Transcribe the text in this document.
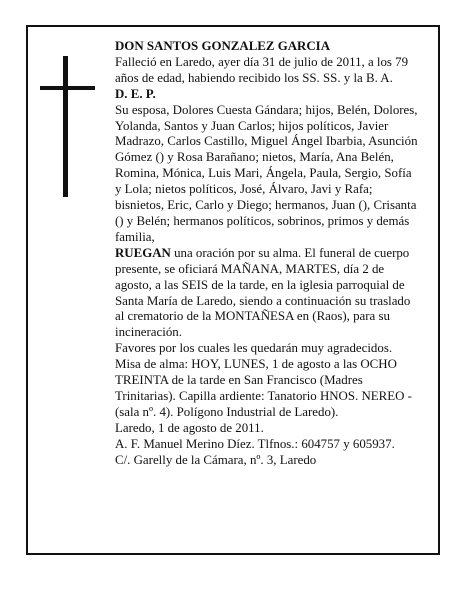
DON SANTOS GONZALEZ GARCIA

Falleció en Laredo, ayer día 31 de julio de 2011, a los 79 años de edad, habiendo recibido los SS. SS. y la B. A.

D. E. P.

Su esposa, Dolores Cuesta Gándara; hijos, Belén, Dolores, Yolanda, Santos y Juan Carlos; hijos políticos, Javier Madrazo, Carlos Castillo, Miguel Ángel Ibarbia, Asunción Gómez () y Rosa Barañano; nietos, María, Ana Belén, Romina, Mónica, Luis Mari, Ángela, Paula, Sergio, Sofía y Lola; nietos políticos, José, Álvaro, Javi y Rafa; bisnietos, Eric, Carlo y Diego; hermanos, Juan (), Crisanta () y Belén; hermanos políticos, sobrinos, primos y demás familia,

RUEGAN una oración por su alma. El funeral de cuerpo presente, se oficiará MAÑANA, MARTES, día 2 de agosto, a las SEIS de la tarde, en la iglesia parroquial de Santa María de Laredo, siendo a continuación su traslado al crematorio de la MONTAÑESA en (Raos), para su incineración.

Favores por los cuales les quedarán muy agradecidos.

Misa de alma: HOY, LUNES, 1 de agosto a las OCHO TREINTA de la tarde en San Francisco (Madres Trinitarias). Capilla ardiente: Tanatorio HNOS. NEREO -(sala nº. 4). Polígono Industrial de Laredo).

Laredo, 1 de agosto de 2011.

A. F. Manuel Merino Díez. Tlfnos.: 604757 y 605937.

C/. Garelly de la Cámara, nº. 3, Laredo
